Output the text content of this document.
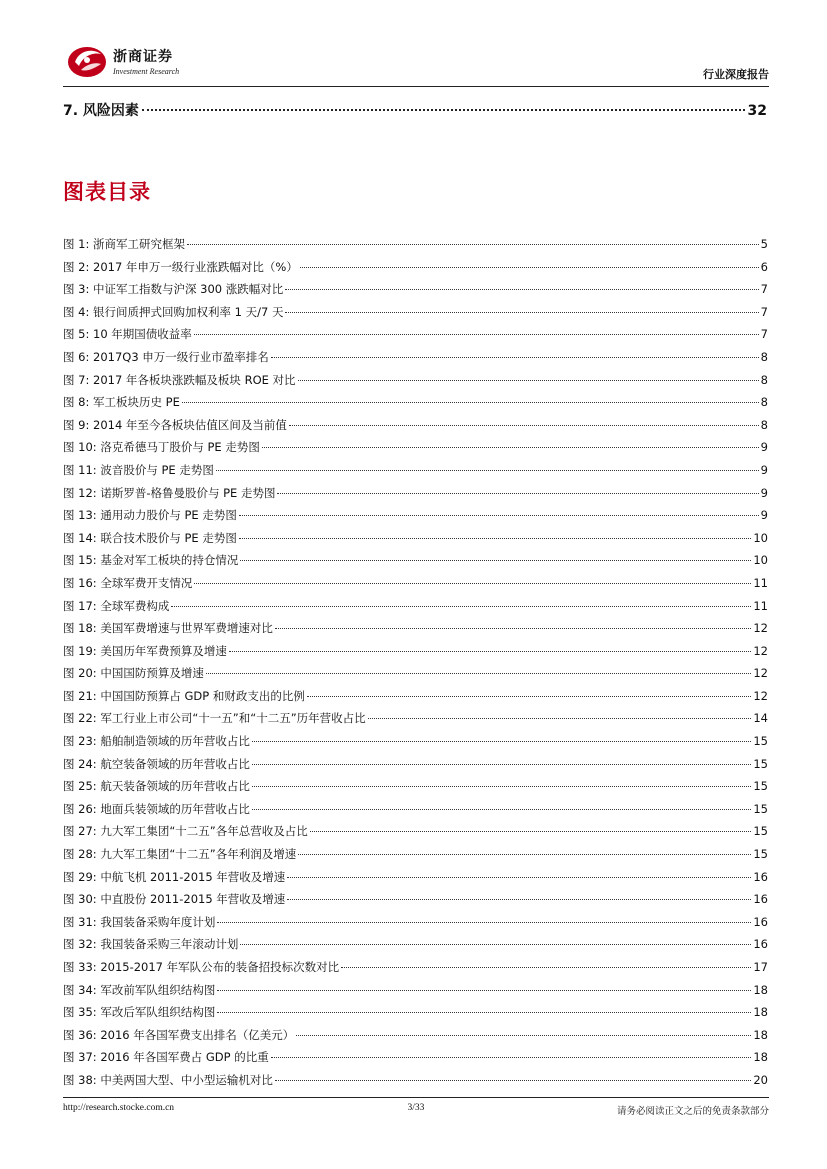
浙商证券
Investment Research	行业深度报告
7. 风险因素	32
图表目录
图 1: 浙商军工研究框架	5
图 2: 2017 年申万一级行业涨跌幅对比（%）	6
图 3: 中证军工指数与沪深 300 涨跌幅对比	7
图 4: 银行间质押式回购加权利率 1 天/7 天	7
图 5: 10 年期国债收益率	7
图 6: 2017Q3 申万一级行业市盈率排名	8
图 7: 2017 年各板块涨跌幅及板块 ROE 对比	8
图 8: 军工板块历史 PE	8
图 9: 2014 年至今各板块估值区间及当前值	8
图 10: 洛克希德马丁股价与 PE 走势图	9
图 11: 波音股价与 PE 走势图	9
图 12: 诺斯罗普-格鲁曼股价与 PE 走势图	9
图 13: 通用动力股价与 PE 走势图	9
图 14: 联合技术股价与 PE 走势图	10
图 15: 基金对军工板块的持仓情况	10
图 16: 全球军费开支情况	11
图 17: 全球军费构成	11
图 18: 美国军费增速与世界军费增速对比	12
图 19: 美国历年军费预算及增速	12
图 20: 中国国防预算及增速	12
图 21: 中国国防预算占 GDP 和财政支出的比例	12
图 22: 军工行业上市公司“十一五”和“十二五”历年营收占比	14
图 23: 船舶制造领域的历年营收占比	15
图 24: 航空装备领域的历年营收占比	15
图 25: 航天装备领域的历年营收占比	15
图 26: 地面兵装领域的历年营收占比	15
图 27: 九大军工集团“十二五”各年总营收及占比	15
图 28: 九大军工集团“十二五”各年利润及增速	15
图 29: 中航飞机 2011-2015 年营收及增速	16
图 30: 中直股份 2011-2015 年营收及增速	16
图 31: 我国装备采购年度计划	16
图 32: 我国装备采购三年滚动计划	16
图 33: 2015-2017 年军队公布的装备招投标次数对比	17
图 34: 军改前军队组织结构图	18
图 35: 军改后军队组织结构图	18
图 36: 2016 年各国军费支出排名（亿美元）	18
图 37: 2016 年各国军费占 GDP 的比重	18
图 38: 中美两国大型、中小型运输机对比	20
http://research.stocke.com.cn	3/33	请务必阅读正文之后的免责条款部分
